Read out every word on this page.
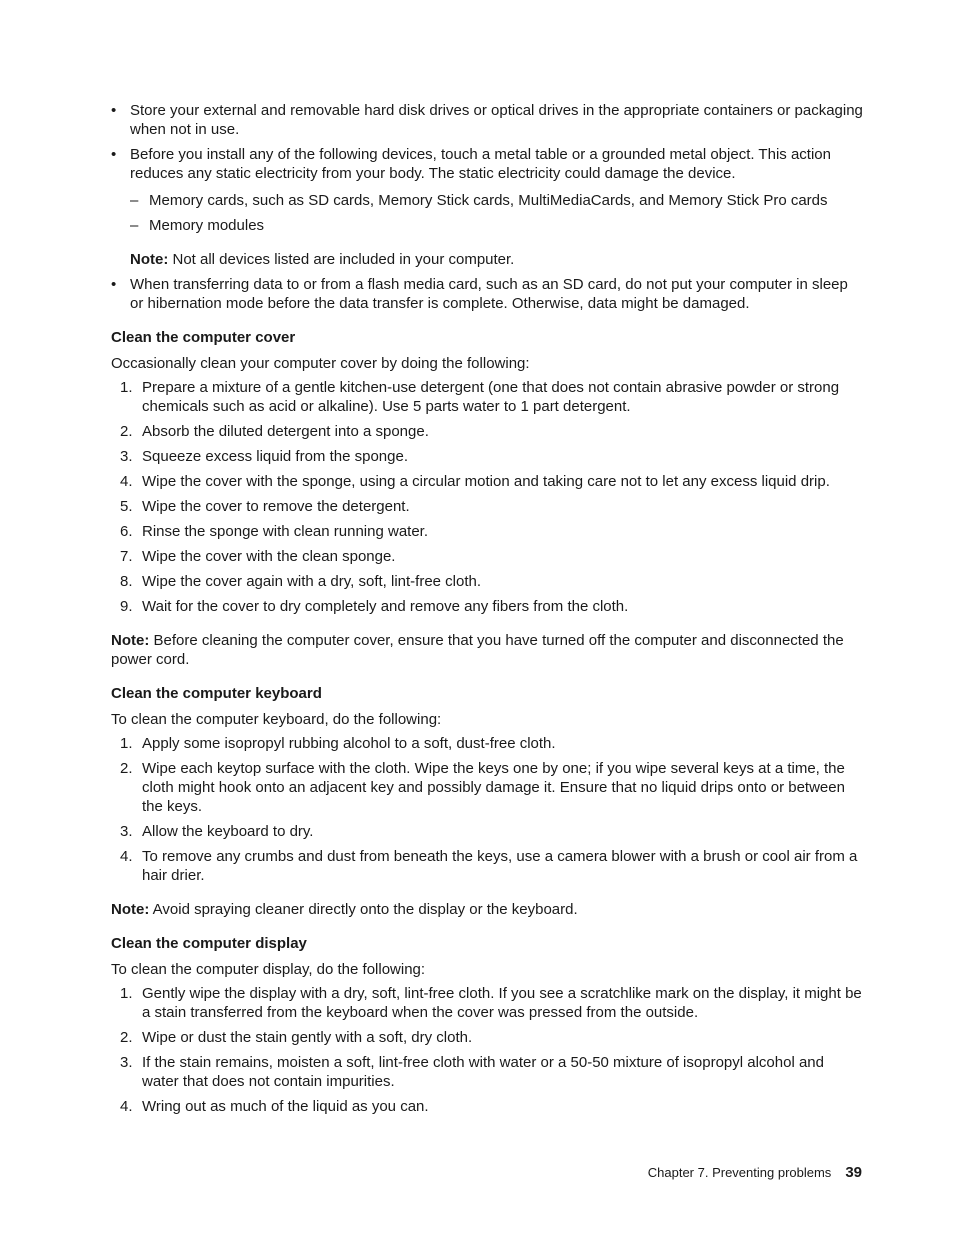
• Store your external and removable hard disk drives or optical drives in the appropriate containers or packaging when not in use.
• Before you install any of the following devices, touch a metal table or a grounded metal object. This action reduces any static electricity from your body. The static electricity could damage the device.
– Memory cards, such as SD cards, Memory Stick cards, MultiMediaCards, and Memory Stick Pro cards
– Memory modules
Note: Not all devices listed are included in your computer.
• When transferring data to or from a flash media card, such as an SD card, do not put your computer in sleep or hibernation mode before the data transfer is complete. Otherwise, data might be damaged.
Clean the computer cover

Occasionally clean your computer cover by doing the following:

1. Prepare a mixture of a gentle kitchen-use detergent (one that does not contain abrasive powder or strong chemicals such as acid or alkaline). Use 5 parts water to 1 part detergent.
2. Absorb the diluted detergent into a sponge.
3. Squeeze excess liquid from the sponge.
4. Wipe the cover with the sponge, using a circular motion and taking care not to let any excess liquid drip.
5. Wipe the cover to remove the detergent.
6. Rinse the sponge with clean running water.
7. Wipe the cover with the clean sponge.
8. Wipe the cover again with a dry, soft, lint-free cloth.
9. Wait for the cover to dry completely and remove any fibers from the cloth.
Note: Before cleaning the computer cover, ensure that you have turned off the computer and disconnected the power cord.
Clean the computer keyboard

To clean the computer keyboard, do the following:

1. Apply some isopropyl rubbing alcohol to a soft, dust-free cloth.
2. Wipe each keytop surface with the cloth. Wipe the keys one by one; if you wipe several keys at a time, the cloth might hook onto an adjacent key and possibly damage it. Ensure that no liquid drips onto or between the keys.
3. Allow the keyboard to dry.
4. To remove any crumbs and dust from beneath the keys, use a camera blower with a brush or cool air from a hair drier.
Note: Avoid spraying cleaner directly onto the display or the keyboard.
Clean the computer display

To clean the computer display, do the following:

1. Gently wipe the display with a dry, soft, lint-free cloth. If you see a scratchlike mark on the display, it might be a stain transferred from the keyboard when the cover was pressed from the outside.
2. Wipe or dust the stain gently with a soft, dry cloth.
3. If the stain remains, moisten a soft, lint-free cloth with water or a 50-50 mixture of isopropyl alcohol and water that does not contain impurities.
4. Wring out as much of the liquid as you can.
Chapter 7. Preventing problems 39
